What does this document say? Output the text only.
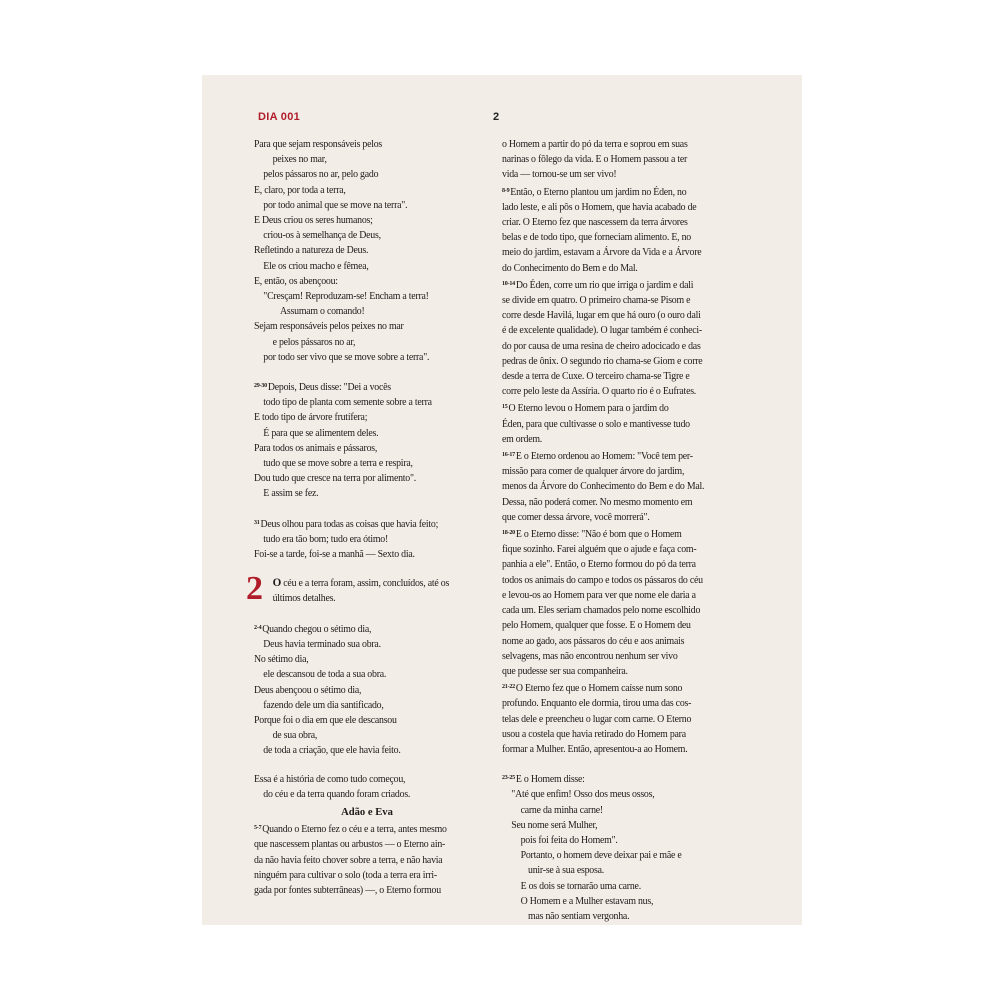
DIA 001	2
Para que sejam responsáveis pelos
peixes no mar,
pelos pássaros no ar, pelo gado
E, claro, por toda a terra,
por todo animal que se move na terra".
E Deus criou os seres humanos;
criou-os à semelhança de Deus,
Refletindo a natureza de Deus.
Ele os criou macho e fêmea,
E, então, os abençoou:
"Cresçam! Reproduzam-se! Encham a terra!
Assumam o comando!
Sejam responsáveis pelos peixes no mar
e pelos pássaros no ar,
por todo ser vivo que se move sobre a terra".
$^{29-30}$Depois, Deus disse: "Dei a vocês
todo tipo de planta com semente sobre a terra
E todo tipo de árvore frutífera;
É para que se alimentem deles.
Para todos os animais e pássaros,
tudo que se move sobre a terra e respira,
Dou tudo que cresce na terra por alimento".
E assim se fez.
$^{31}$Deus olhou para todas as coisas que havia feito;
tudo era tão bom; tudo era ótimo!
Foi-se a tarde, foi-se a manhã — Sexto dia.
2 O céu e a terra foram, assim, concluídos, até os
últimos detalhes.
$^{2-4}$Quando chegou o sétimo dia,
Deus havia terminado sua obra.
No sétimo dia,
ele descansou de toda a sua obra.
Deus abençoou o sétimo dia,
fazendo dele um dia santificado,
Porque foi o dia em que ele descansou
de sua obra,
de toda a criação, que ele havia feito.
Essa é a história de como tudo começou,
do céu e da terra quando foram criados.
Adão e Eva
$^{5-7}$Quando o Eterno fez o céu e a terra, antes mesmo
que nascessem plantas ou arbustos — o Eterno ain-
da não havia feito chover sobre a terra, e não havia
ninguém para cultivar o solo (toda a terra era irri-
gada por fontes subterrâneas) —, o Eterno formou
o Homem a partir do pó da terra e soprou em suas
narinas o fôlego da vida. E o Homem passou a ter
vida — tornou-se um ser vivo!
$^{8-9}$Então, o Eterno plantou um jardim no Éden, no
lado leste, e ali pôs o Homem, que havia acabado de
criar. O Eterno fez que nascessem da terra árvores
belas e de todo tipo, que forneciam alimento. E, no
meio do jardim, estavam a Árvore da Vida e a Árvore
do Conhecimento do Bem e do Mal.
$^{10-14}$Do Éden, corre um rio que irriga o jardim e dali
se divide em quatro. O primeiro chama-se Pisom e
corre desde Havilá, lugar em que há ouro (o ouro dali
é de excelente qualidade). O lugar também é conheci-
do por causa de uma resina de cheiro adocicado e das
pedras de ônix. O segundo rio chama-se Giom e corre
desde a terra de Cuxe. O terceiro chama-se Tigre e
corre pelo leste da Assíria. O quarto rio é o Eufrates.
$^{15}$O Eterno levou o Homem para o jardim do
Éden, para que cultivasse o solo e mantivesse tudo
em ordem.
$^{16-17}$E o Eterno ordenou ao Homem: "Você tem per-
missão para comer de qualquer árvore do jardim,
menos da Árvore do Conhecimento do Bem e do Mal.
Dessa, não poderá comer. No mesmo momento em
que comer dessa árvore, você morrerá".
$^{18-20}$E o Eterno disse: "Não é bom que o Homem
fique sozinho. Farei alguém que o ajude e faça com-
panhia a ele". Então, o Eterno formou do pó da terra
todos os animais do campo e todos os pássaros do céu
e levou-os ao Homem para ver que nome ele daria a
cada um. Eles seriam chamados pelo nome escolhido
pelo Homem, qualquer que fosse. E o Homem deu
nome ao gado, aos pássaros do céu e aos animais
selvagens, mas não encontrou nenhum ser vivo
que pudesse ser sua companheira.
$^{21-22}$O Eterno fez que o Homem caísse num sono
profundo. Enquanto ele dormia, tirou uma das cos-
telas dele e preencheu o lugar com carne. O Eterno
usou a costela que havia retirado do Homem para
formar a Mulher. Então, apresentou-a ao Homem.
$^{23-25}$E o Homem disse:
"Até que enfim! Osso dos meus ossos,
carne da minha carne!
Seu nome será Mulher,
pois foi feita do Homem".
Portanto, o homem deve deixar pai e mãe e
unir-se à sua esposa.
E os dois se tornarão uma carne.
O Homem e a Mulher estavam nus,
mas não sentiam vergonha.
